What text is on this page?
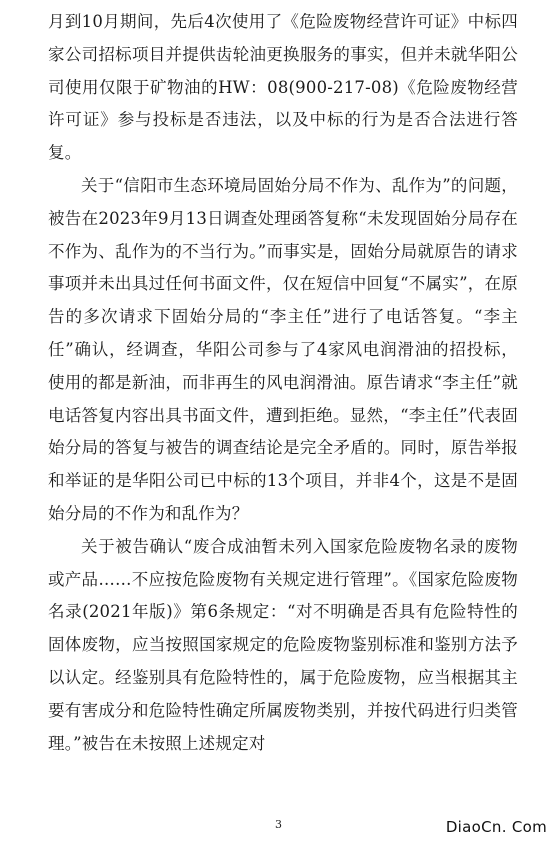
月到10月期间，先后4次使用了《危险废物经营许可证》中标四家公司招标项目并提供齿轮油更换服务的事实，但并未就华阳公司使用仅限于矿物油的HW：08(900-217-08)《危险废物经营许可证》参与投标是否违法，以及中标的行为是否合法进行答复。

关于“信阳市生态环境局固始分局不作为、乱作为”的问题，被告在2023年9月13日调查处理函答复称“未发现固始分局存在不作为、乱作为的不当行为。”而事实是，固始分局就原告的请求事项并未出具过任何书面文件，仅在短信中回复“不属实”，在原告的多次请求下固始分局的“李主任”进行了电话答复。“李主任”确认，经调查，华阳公司参与了4家风电润滑油的招投标，使用的都是新油，而非再生的风电润滑油。原告请求“李主任”就电话答复内容出具书面文件，遭到拒绝。显然，“李主任”代表固始分局的答复与被告的调查结论是完全矛盾的。同时，原告举报和举证的是华阳公司已中标的13个项目，并非4个，这是不是固始分局的不作为和乱作为？

关于被告确认“废合成油暂未列入国家危险废物名录的废物或产品……不应按危险废物有关规定进行管理”。《国家危险废物名录(2021年版)》第6条规定：“对不明确是否具有危险特性的固体废物，应当按照国家规定的危险废物鉴别标准和鉴别方法予以认定。经鉴别具有危险特性的，属于危险废物，应当根据其主要有害成分和危险特性确定所属废物类别，并按代码进行归类管理。”被告在未按照上述规定对

3	DiaoCn. Com
